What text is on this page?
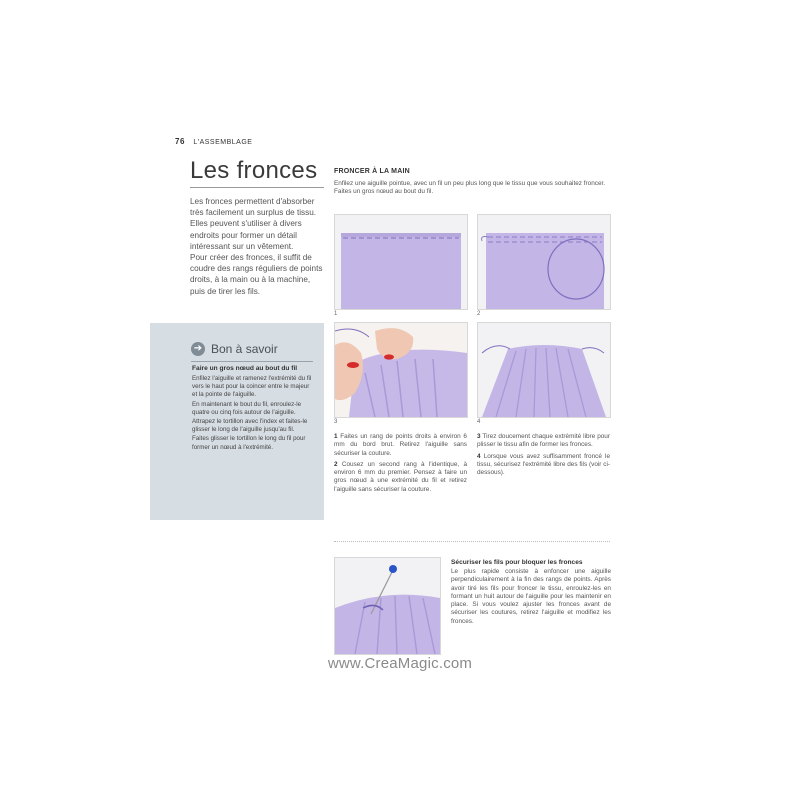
76 L'ASSEMBLAGE
Les fronces

Les fronces permettent d'absorber très facilement un surplus de tissu. Elles peuvent s'utiliser à divers endroits pour former un détail intéressant sur un vêtement.

Pour créer des fronces, il suffit de coudre des rangs réguliers de points droits, à la main ou à la machine, puis de tirer les fils.

➔ Bon à savoir
Faire un gros nœud au bout du fil

Enfilez l'aiguille et ramenez l'extrémité du fil vers le haut pour la coincer entre le majeur et la pointe de l'aiguille.

En maintenant le bout du fil, enroulez-le quatre ou cinq fois autour de l'aiguille.

Attrapez le tortillon avec l'index et faites-le glisser le long de l'aiguille jusqu'au fil.

Faites glisser le tortillon le long du fil pour former un nœud à l'extrémité.

FRONCER À LA MAIN
Enfilez une aiguille pointue, avec un fil un peu plus long que le tissu que vous souhaitez froncer. Faites un gros nœud au bout du fil.
1	2
3	4

1 Faites un rang de points droits à environ 6 mm du bord brut. Retirez l'aiguille sans sécuriser la couture.

2 Cousez un second rang à l'identique, à environ 6 mm du premier. Pensez à faire un gros nœud à une extrémité du fil et retirez l'aiguille sans sécuriser la couture.

3 Tirez doucement chaque extrémité libre pour plisser le tissu afin de former les fronces.

4 Lorsque vous avez suffisamment froncé le tissu, sécurisez l'extrémité libre des fils (voir ci-dessous).

Sécuriser les fils pour bloquer les fronces
Le plus rapide consiste à enfoncer une aiguille perpendiculairement à la fin des rangs de points. Après avoir tiré les fils pour froncer le tissu, enroulez-les en formant un huit autour de l'aiguille pour les maintenir en place. Si vous voulez ajuster les fronces avant de sécuriser les coutures, retirez l'aiguille et modifiez les fronces.
www.CreaMagic.com
